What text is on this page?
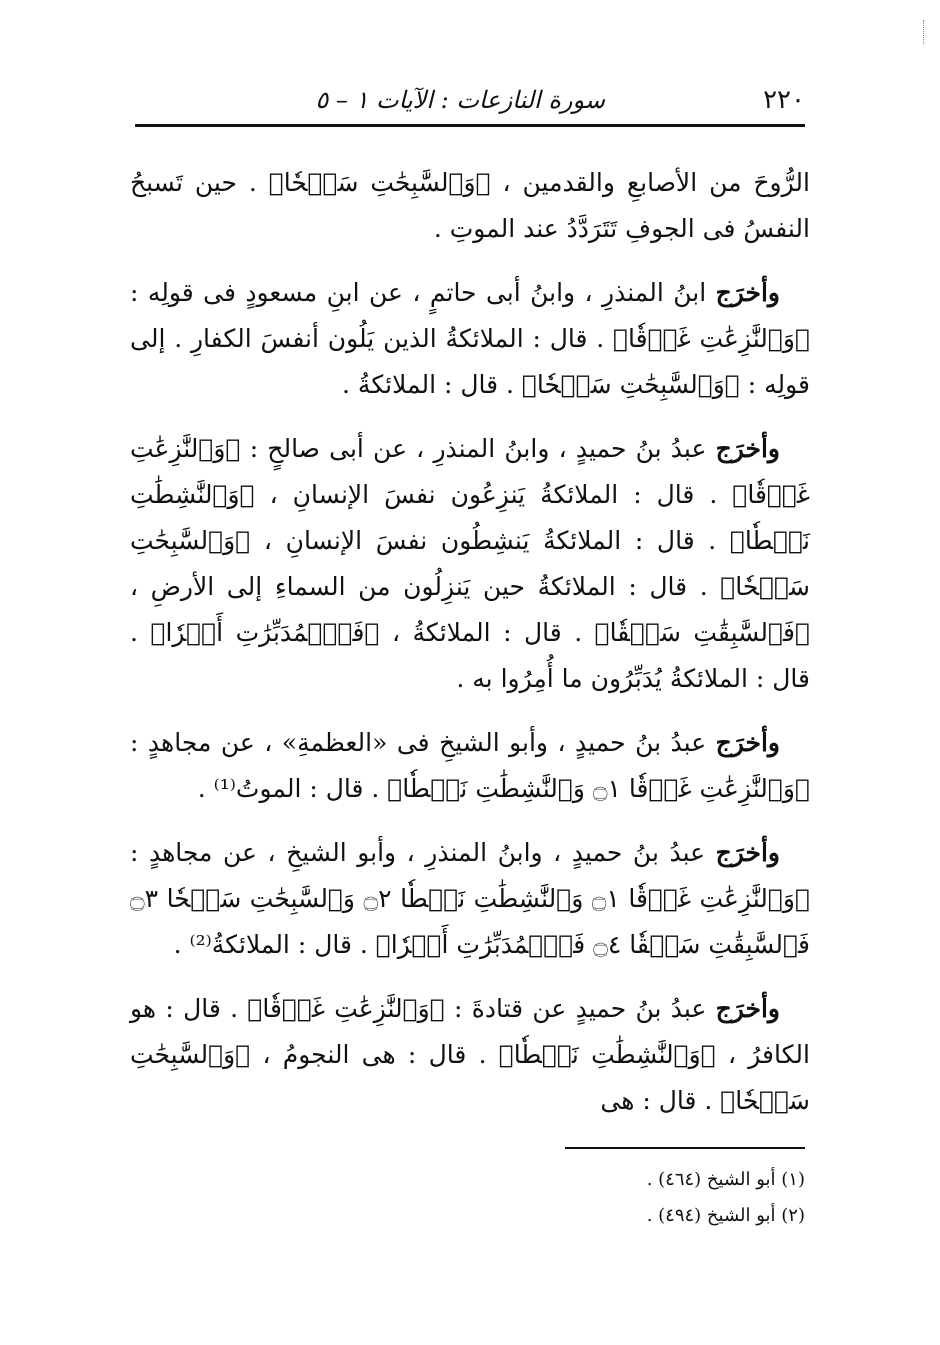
٢٢٠
سورة النازعات : الآيات ١ – ٥

الرُّوحَ من الأصابعِ والقدمين ، ﴿وَٱلسَّٰبِحَٰتِ سَبۡحٗا﴾ . حين تَسبحُ النفسُ فى الجوفِ تَتَرَدَّدُ عند الموتِ .

وأخرَج ابنُ المنذرِ ، وابنُ أبى حاتمٍ ، عن ابنِ مسعودٍ فى قولِه : ﴿وَٱلنَّٰزِعَٰتِ غَرۡقٗا﴾ . قال : الملائكةُ الذين يَلُون أنفسَ الكفارِ . إلى قولِه : ﴿وَٱلسَّٰبِحَٰتِ سَبۡحٗا﴾ . قال : الملائكةُ .

وأخرَج عبدُ بنُ حميدٍ ، وابنُ المنذرِ ، عن أبى صالحٍ : ﴿وَٱلنَّٰزِعَٰتِ غَرۡقٗا﴾ . قال : الملائكةُ يَنزِعُون نفسَ الإنسانِ ، ﴿وَٱلنَّٰشِطَٰتِ نَشۡطٗا﴾ . قال : الملائكةُ يَنشِطُون نفسَ الإنسانِ ، ﴿وَٱلسَّٰبِحَٰتِ سَبۡحٗا﴾ . قال : الملائكةُ حين يَنزِلُون من السماءِ إلى الأرضِ ، ﴿فَٱلسَّٰبِقَٰتِ سَبۡقٗا﴾ . قال : الملائكةُ ، ﴿فَٱلۡمُدَبِّرَٰتِ أَمۡرٗا﴾ . قال : الملائكةُ يُدَبِّرُون ما أُمِرُوا به .

وأخرَج عبدُ بنُ حميدٍ ، وأبو الشيخِ فى «العظمةِ» ، عن مجاهدٍ : ﴿وَٱلنَّٰزِعَٰتِ غَرۡقٗا ۝١ وَٱلنَّٰشِطَٰتِ نَشۡطٗا﴾ . قال : الموتُ⁽¹⁾ .

وأخرَج عبدُ بنُ حميدٍ ، وابنُ المنذرِ ، وأبو الشيخِ ، عن مجاهدٍ : ﴿وَٱلنَّٰزِعَٰتِ غَرۡقٗا ۝١ وَٱلنَّٰشِطَٰتِ نَشۡطٗا ۝٢ وَٱلسَّٰبِحَٰتِ سَبۡحٗا ۝٣ فَٱلسَّٰبِقَٰتِ سَبۡقٗا ۝٤ فَٱلۡمُدَبِّرَٰتِ أَمۡرٗا﴾ . قال : الملائكةُ⁽²⁾ .

وأخرَج عبدُ بنُ حميدٍ عن قتادةَ : ﴿وَٱلنَّٰزِعَٰتِ غَرۡقٗا﴾ . قال : هو الكافرُ ، ﴿وَٱلنَّٰشِطَٰتِ نَشۡطٗا﴾ . قال : هى النجومُ ، ﴿وَٱلسَّٰبِحَٰتِ سَبۡحٗا﴾ . قال : هى

(١) أبو الشيخ (٤٦٤) .

(٢) أبو الشيخ (٤٩٤) .
